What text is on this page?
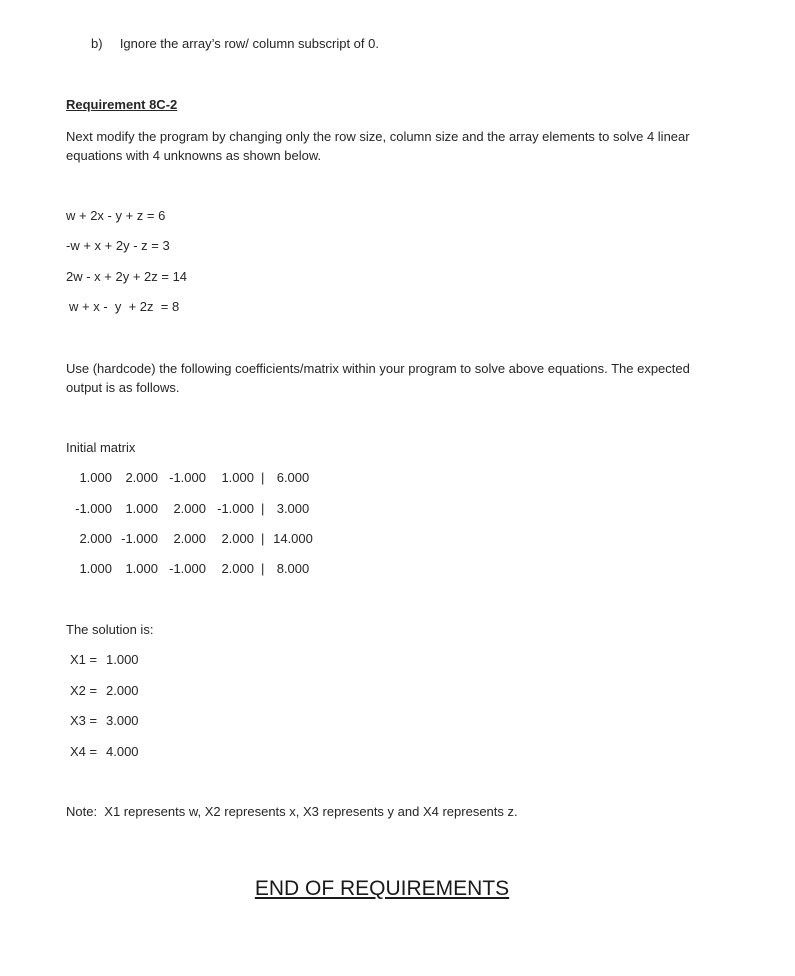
b) Ignore the array’s row/ column subscript of 0.
Requirement 8C-2
Next modify the program by changing only the row size, column size and the array elements to solve 4 linear equations with 4 unknowns as shown below.
w + 2x - y + z = 6
-w + x + 2y - z = 3
2w - x + 2y + 2z = 14
w + x -  y  + 2z  = 8
Use (hardcode) the following coefficients/matrix within your program to solve above equations. The expected output is as follows.
Initial matrix
1.000	2.000 -1.000	1.000 | 6.000
-1.000	1.000	2.000 -1.000 | 3.000
2.000 -1.000	2.000	2.000 | 14.000
1.000	1.000 -1.000	2.000 | 8.000
The solution is:
X1 = 1.000
X2 = 2.000
X3 = 3.000
X4 = 4.000
Note:  X1 represents w, X2 represents x, X3 represents y and X4 represents z.
END OF REQUIREMENTS
